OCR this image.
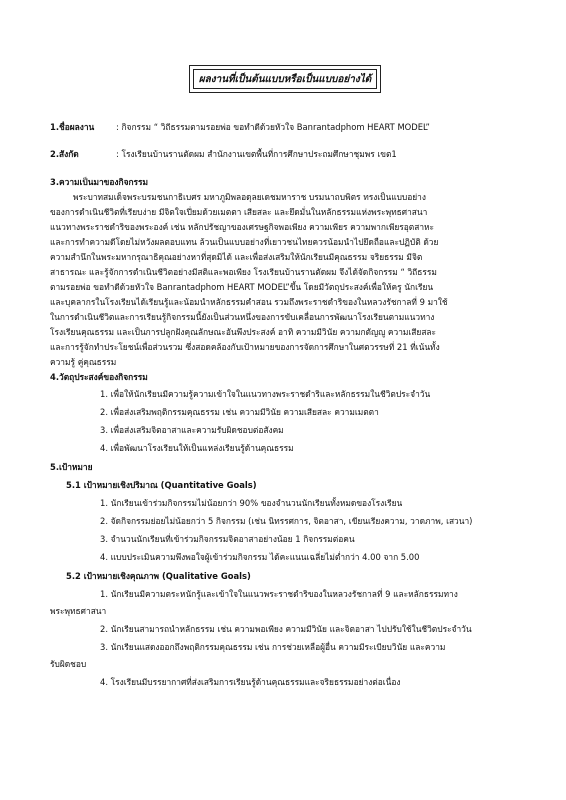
ผลงานที่เป็นต้นแบบหรือเป็นแบบอย่างได้
1.ชื่อผลงาน	: กิจกรรม “ วิถีธรรมตามรอยพ่อ ขอทำดีด้วยหัวใจ Banrantadphom HEART MODEL”
2.สังกัด	: โรงเรียนบ้านรานตัดผม สำนักงานเขตพื้นที่การศึกษาประถมศึกษาชุมพร เขต1
3.ความเป็นมาของกิจกรรม
พระบาทสมเด็จพระบรมชนกาธิเบศร มหาภูมิพลอดุลยเดชมหาราช บรมนาถบพิตร ทรงเป็นแบบอย่าง
ของการดำเนินชีวิตที่เรียบง่าย มีจิตใจเปี่ยมด้วยเมตตา เสียสละ และยึดมั่นในหลักธรรมแห่งพระพุทธศาสนา
แนวทางพระราชดำริของพระองค์ เช่น หลักปรัชญาของเศรษฐกิจพอเพียง ความเพียร ความพากเพียรอุตสาหะ
และการทำความดีโดยไม่หวังผลตอบแทน ล้วนเป็นแบบอย่างที่เยาวชนไทยควรน้อมนำไปยึดถือและปฏิบัติ ด้วย
ความสำนึกในพระมหากรุณาธิคุณอย่างหาที่สุดมิได้ และเพื่อส่งเสริมให้นักเรียนมีคุณธรรม จริยธรรม มีจิต
สาธารณะ และรู้จักการดำเนินชีวิตอย่างมีสติและพอเพียง โรงเรียนบ้านรานตัดผม จึงได้จัดกิจกรรม “ วิถีธรรม
ตามรอยพ่อ ขอทำดีด้วยหัวใจ Banrantadphom HEART MODEL”ขึ้น โดยมีวัตถุประสงค์เพื่อให้ครู นักเรียน
และบุคลากรในโรงเรียนได้เรียนรู้และน้อมนำหลักธรรมคำสอน รวมถึงพระราชดำริของในหลวงรัชกาลที่ 9 มาใช้
ในการดำเนินชีวิตและการเรียนรู้กิจกรรมนี้ยังเป็นส่วนหนึ่งของการขับเคลื่อนการพัฒนาโรงเรียนตามแนวทาง
โรงเรียนคุณธรรม และเป็นการปลูกฝังคุณลักษณะอันพึงประสงค์ อาทิ ความมีวินัย ความกตัญญู ความเสียสละ
และการรู้จักทำประโยชน์เพื่อส่วนรวม ซึ่งสอดคล้องกับเป้าหมายของการจัดการศึกษาในศตวรรษที่ 21 ที่เน้นทั้ง
ความรู้ คู่คุณธรรม
4.วัตถุประสงค์ของกิจกรรม
1. เพื่อให้นักเรียนมีความรู้ความเข้าใจในแนวทางพระราชดำริและหลักธรรมในชีวิตประจำวัน
2. เพื่อส่งเสริมพฤติกรรมคุณธรรม เช่น ความมีวินัย ความเสียสละ ความเมตตา
3. เพื่อส่งเสริมจิตอาสาและความรับผิดชอบต่อสังคม
4. เพื่อพัฒนาโรงเรียนให้เป็นแหล่งเรียนรู้ด้านคุณธรรม
5.เป้าหมาย
5.1 เป้าหมายเชิงปริมาณ (Quantitative Goals)
1. นักเรียนเข้าร่วมกิจกรรมไม่น้อยกว่า 90% ของจำนวนนักเรียนทั้งหมดของโรงเรียน
2. จัดกิจกรรมย่อยไม่น้อยกว่า 5 กิจกรรม (เช่น นิทรรศการ, จิตอาสา, เขียนเรียงความ, วาดภาพ, เสวนา)
3. จำนวนนักเรียนที่เข้าร่วมกิจกรรมจิตอาสาอย่างน้อย 1 กิจกรรมต่อคน
4. แบบประเมินความพึงพอใจผู้เข้าร่วมกิจกรรม ได้คะแนนเฉลี่ยไม่ต่ำกว่า 4.00 จาก 5.00
5.2 เป้าหมายเชิงคุณภาพ (Qualitative Goals)
1. นักเรียนมีความตระหนักรู้และเข้าใจในแนวพระราชดำริของในหลวงรัชกาลที่ 9 และหลักธรรมทาง
พระพุทธศาสนา
2. นักเรียนสามารถนำหลักธรรม เช่น ความพอเพียง ความมีวินัย และจิตอาสา ไปปรับใช้ในชีวิตประจำวัน
3. นักเรียนแสดงออกถึงพฤติกรรมคุณธรรม เช่น การช่วยเหลือผู้อื่น ความมีระเบียบวินัย และความ
รับผิดชอบ
4. โรงเรียนมีบรรยากาศที่ส่งเสริมการเรียนรู้ด้านคุณธรรมและจริยธรรมอย่างต่อเนื่อง
